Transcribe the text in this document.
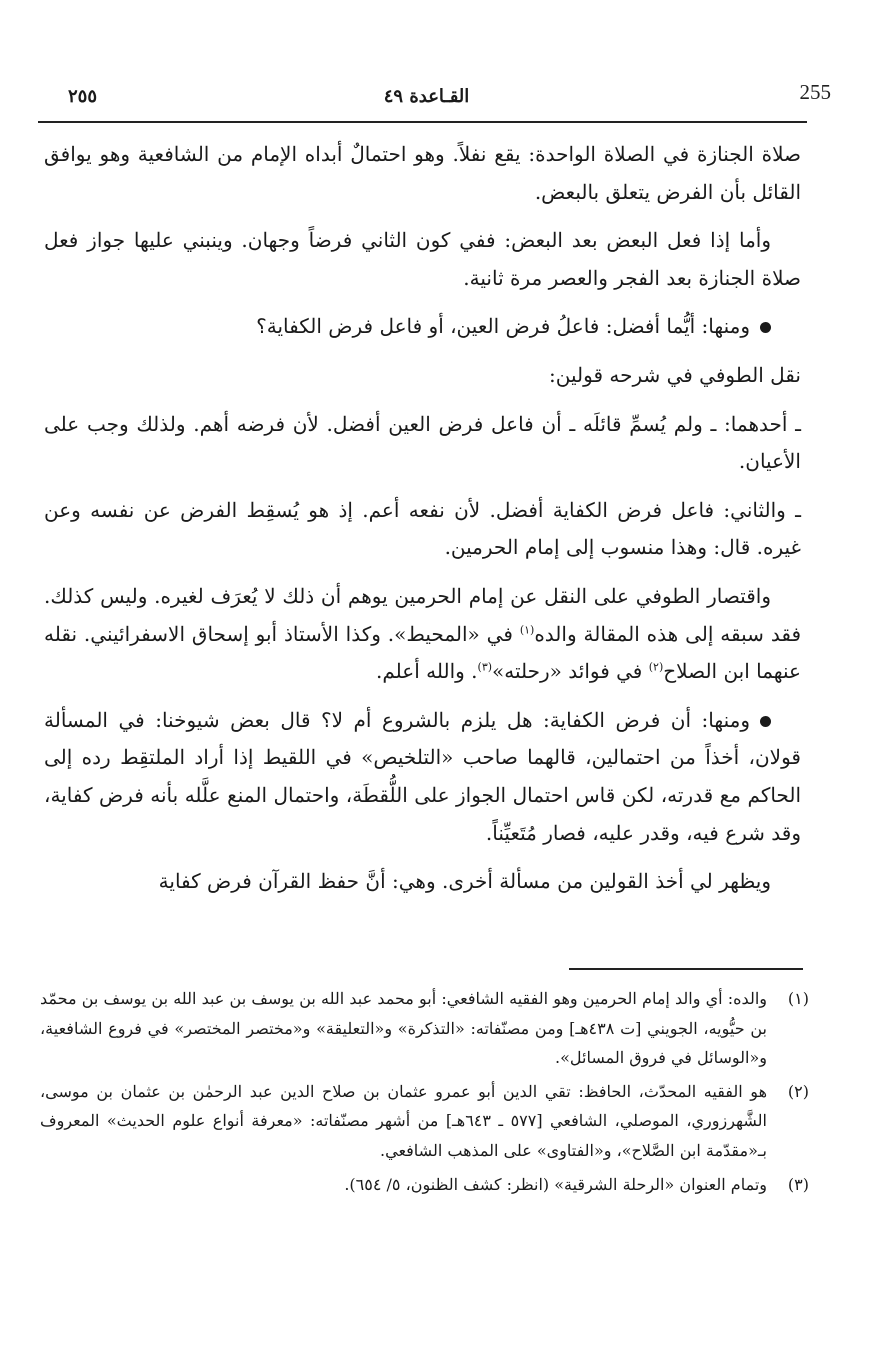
255
القـاعدة ٤٩
٢٥٥

صلاة الجنازة في الصلاة الواحدة: يقع نفلاً. وهو احتمالٌ أبداه الإمام من الشافعية وهو يوافق القائل بأن الفرض يتعلق بالبعض.

وأما إذا فعل البعض بعد البعض: ففي كون الثاني فرضاً وجهان. وينبني عليها جواز فعل صلاة الجنازة بعد الفجر والعصر مرة ثانية.

ومنها: أيُّما أفضل: فاعلُ فرض العين، أو فاعل فرض الكفاية؟

نقل الطوفي في شرحه قولين:

ـ أحدهما: ـ ولم يُسمِّ قائلَه ـ أن فاعل فرض العين أفضل. لأن فرضه أهم. ولذلك وجب على الأعيان.

ـ والثاني: فاعل فرض الكفاية أفضل. لأن نفعه أعم. إذ هو يُسقِط الفرض عن نفسه وعن غيره. قال: وهذا منسوب إلى إمام الحرمين.

واقتصار الطوفي على النقل عن إمام الحرمين يوهم أن ذلك لا يُعرَف لغيره. وليس كذلك. فقد سبقه إلى هذه المقالة والده$^{(١)}$ في «المحيط». وكذا الأستاذ أبو إسحاق الاسفرائيني. نقله عنهما ابن الصلاح$^{(٢)}$ في فوائد «رحلته»$^{(٣)}$. والله أعلم.

ومنها: أن فرض الكفاية: هل يلزم بالشروع أم لا؟ قال بعض شيوخنا: في المسألة قولان، أخذاً من احتمالين، قالهما صاحب «التلخيص» في اللقيط إذا أراد الملتقِط رده إلى الحاكم مع قدرته، لكن قاس احتمال الجواز على اللُّقطَة، واحتمال المنع علَّله بأنه فرض كفاية، وقد شرع فيه، وقدر عليه، فصار مُتَعيِّناً.

ويظهر لي أخذ القولين من مسألة أخرى. وهي: أنَّ حفظ القرآن فرض كفاية

(١)
والده: أي والد إمام الحرمين وهو الفقيه الشافعي: أبو محمد عبد الله بن يوسف بن عبد الله بن يوسف بن محمّد بن حيُّويه، الجويني [ت ٤٣٨هـ] ومن مصنّفاته: «التذكرة» و«التعليقة» و«مختصر المختصر» في فروع الشافعية، و«الوسائل في فروق المسائل».
(٢)
هو الفقيه المحدّث، الحافظ: تقي الدين أبو عمرو عثمان بن صلاح الدين عبد الرحمٰن بن عثمان بن موسى، الشَّهرزوري، الموصلي، الشافعي [٥٧٧ ـ ٦٤٣هـ] من أشهر مصنّفاته: «معرفة أنواع علوم الحديث» المعروف بـ«مقدّمة ابن الصَّلاح»، و«الفتاوى» على المذهب الشافعي.
(٣)
وتمام العنوان «الرحلة الشرقية» (انظر: كشف الظنون، ٥/ ٦٥٤).
